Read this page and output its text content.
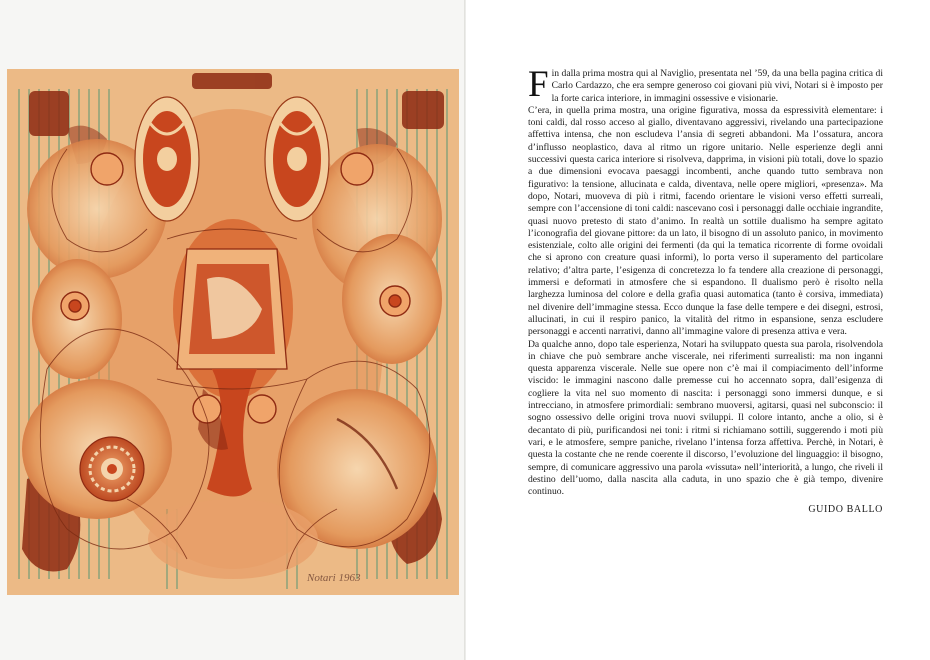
Notari 1963

Fin dalla prima mostra qui al Naviglio, presentata nel ’59, da una bella pagina critica di Carlo Cardazzo, che era sempre generoso coi giovani più vivi, Notari si è imposto per la forte carica interiore, in immagini ossessive e visionarie.

C’era, in quella prima mostra, una origine figurativa, mossa da espressività elementare: i toni caldi, dal rosso acceso al giallo, diventavano aggressivi, rivelando una partecipazione affettiva intensa, che non escludeva l’ansia di segreti abbandoni. Ma l’ossatura, ancora d’influsso neoplastico, dava al ritmo un rigore unitario. Nelle esperienze degli anni successivi questa carica interiore si risolveva, dapprima, in visioni più totali, dove lo spazio a due dimensioni evocava paesaggi incombenti, anche quando tutto sembrava non figurativo: la tensione, allucinata e calda, diventava, nelle opere migliori, «presenza». Ma dopo, Notari, muoveva di più i ritmi, facendo orientare le visioni verso effetti surreali, sempre con l’accensione di toni caldi: nascevano così i personaggi dalle occhiaie ingrandite, quasi nuovo pretesto di stato d’animo. In realtà un sottile dualismo ha sempre agitato l’iconografia del giovane pittore: da un lato, il bisogno di un assoluto panico, in movimento esistenziale, colto alle origini dei fermenti (da qui la tematica ricorrente di forme ovoidali che si aprono con creature quasi informi), lo porta verso il superamento del particolare relativo; d’altra parte, l’esigenza di concretezza lo fa tendere alla creazione di personaggi, immersi e deformati in atmosfere che si espandono. Il dualismo però è risolto nella larghezza luminosa del colore e della grafia quasi automatica (tanto è corsiva, immediata) nel divenire dell’immagine stessa. Ecco dunque la fase delle tempere e dei disegni, estrosi, allucinati, in cui il respiro panico, la vitalità del ritmo in espansione, senza escludere personaggi e accenti narrativi, danno all’immagine valore di presenza attiva e vera.

Da qualche anno, dopo tale esperienza, Notari ha sviluppato questa sua parola, risolvendola in chiave che può sembrare anche viscerale, nei riferimenti surrealisti: ma non inganni questa apparenza viscerale. Nelle sue opere non c’è mai il compiacimento dell’informe viscido: le immagini nascono dalle premesse cui ho accennato sopra, dall’esigenza di cogliere la vita nel suo momento di nascita: i personaggi sono immersi dunque, e si intrecciano, in atmosfere primordiali: sembrano muoversi, agitarsi, quasi nel subconscio: il sogno ossessivo delle origini trova nuovi sviluppi. Il colore intanto, anche a olio, si è decantato di più, purificandosi nei toni: i ritmi si richiamano sottili, suggerendo i moti più vari, e le atmosfere, sempre paniche, rivelano l’intensa forza affettiva. Perchè, in Notari, è questa la costante che ne rende coerente il discorso, l’evoluzione del linguaggio: il bisogno, sempre, di comunicare aggressivo una parola «vissuta» nell’interiorità, a lungo, che riveli il destino dell’uomo, dalla nascita alla caduta, in uno spazio che è già tempo, divenire continuo.

GUIDO BALLO
